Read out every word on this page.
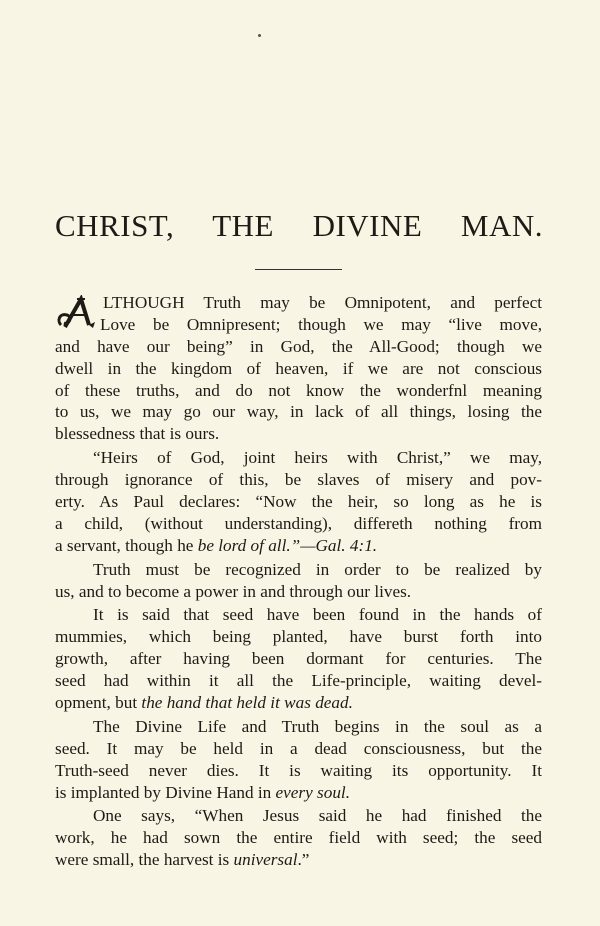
CHRIST, THE DIVINE MAN.
LTHOUGH Truth may be Omnipotent, and perfect
Love be Omnipresent; though we may “live move,
and have our being” in God, the All-Good; though we
dwell in the kingdom of heaven, if we are not conscious
of these truths, and do not know the wonderfnl meaning
to us, we may go our way, in lack of all things, losing the
blessedness that is ours.
“Heirs of God, joint heirs with Christ,” we may,
through ignorance of this, be slaves of misery and pov-
erty. As Paul declares: “Now the heir, so long as he is
a child, (without understanding), differeth nothing from
a servant, though he be lord of all.”—Gal. 4:1.
Truth must be recognized in order to be realized by
us, and to become a power in and through our lives.
It is said that seed have been found in the hands of
mummies, which being planted, have burst forth into
growth, after having been dormant for centuries. The
seed had within it all the Life-principle, waiting devel-
opment, but the hand that held it was dead.
The Divine Life and Truth begins in the soul as a
seed. It may be held in a dead consciousness, but the
Truth-seed never dies. It is waiting its opportunity. It
is implanted by Divine Hand in every soul.
One says, “When Jesus said he had finished the
work, he had sown the entire field with seed; the seed
were small, the harvest is universal.”
